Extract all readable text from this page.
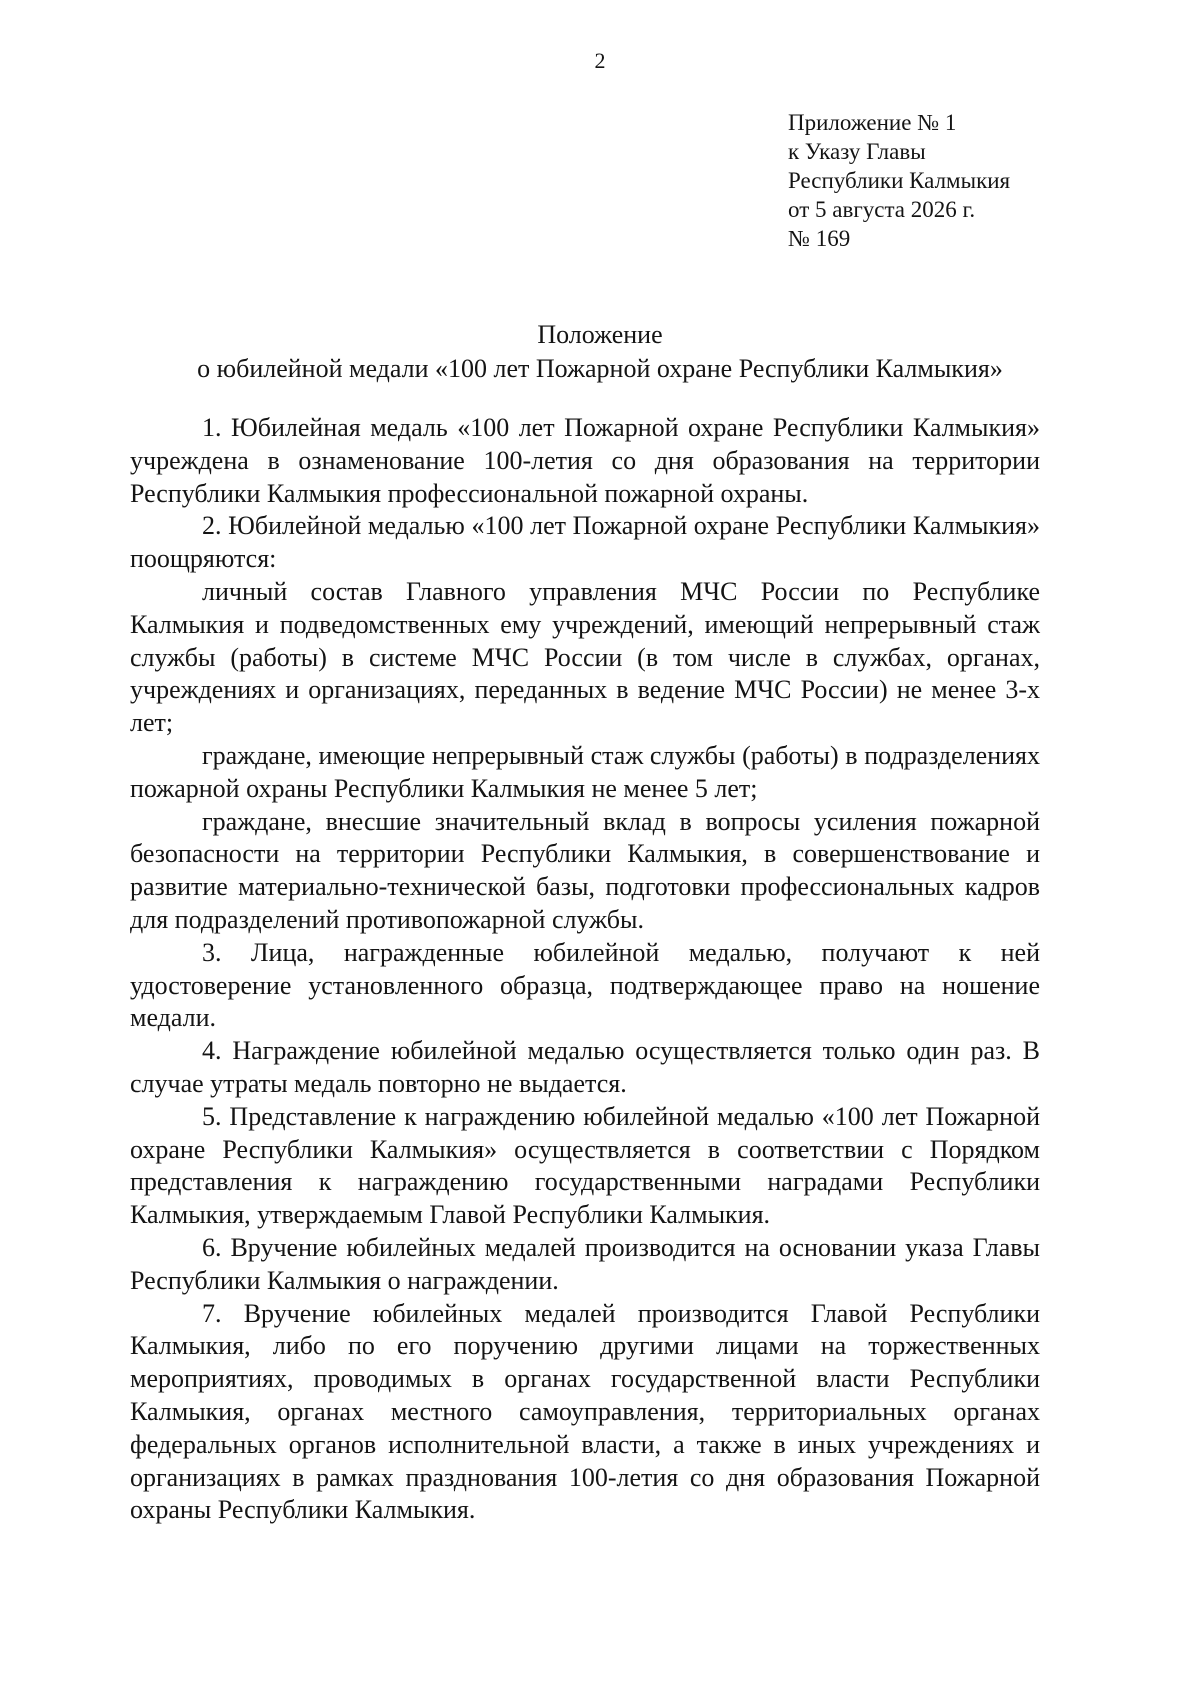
2
Приложение № 1
к Указу Главы
Республики Калмыкия
от 5 августа 2026 г.
№ 169
Положение
о юбилейной медали «100 лет Пожарной охране Республики Калмыкия»

1. Юбилейная медаль «100 лет Пожарной охране Республики Калмыкия» учреждена в ознаменование 100-летия со дня образования на территории Республики Калмыкия профессиональной пожарной охраны.

2. Юбилейной медалью «100 лет Пожарной охране Республики Калмыкия» поощряются:

личный состав Главного управления МЧС России по Республике Калмыкия и подведомственных ему учреждений, имеющий непрерывный стаж службы (работы) в системе МЧС России (в том числе в службах, органах, учреждениях и организациях, переданных в ведение МЧС России) не менее 3-х лет;

граждане, имеющие непрерывный стаж службы (работы) в подразделениях пожарной охраны Республики Калмыкия не менее 5 лет;

граждане, внесшие значительный вклад в вопросы усиления пожарной безопасности на территории Республики Калмыкия, в совершенствование и развитие материально-технической базы, подготовки профессиональных кадров для подразделений противопожарной службы.

3. Лица, награжденные юбилейной медалью, получают к ней удостоверение установленного образца, подтверждающее право на ношение медали.

4. Награждение юбилейной медалью осуществляется только один раз. В случае утраты медаль повторно не выдается.

5. Представление к награждению юбилейной медалью «100 лет Пожарной охране Республики Калмыкия» осуществляется в соответствии с Порядком представления к награждению государственными наградами Республики Калмыкия, утверждаемым Главой Республики Калмыкия.

6. Вручение юбилейных медалей производится на основании указа Главы Республики Калмыкия о награждении.

7. Вручение юбилейных медалей производится Главой Республики Калмыкия, либо по его поручению другими лицами на торжественных мероприятиях, проводимых в органах государственной власти Республики Калмыкия, органах местного самоуправления, территориальных органах федеральных органов исполнительной власти, а также в иных учреждениях и организациях в рамках празднования 100-летия со дня образования Пожарной охраны Республики Калмыкия.
